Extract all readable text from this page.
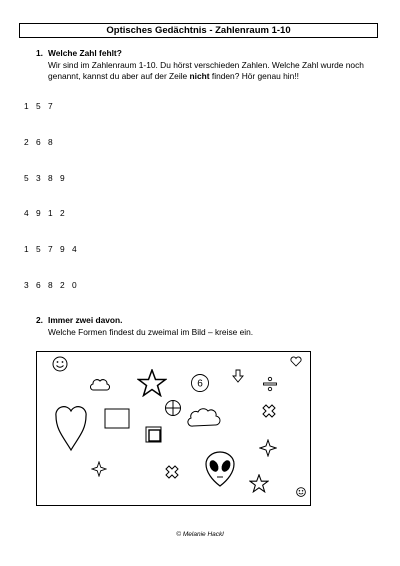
Optisches Gedächtnis - Zahlenraum 1-10
1. Welche Zahl fehlt?
Wir sind im Zahlenraum 1-10. Du hörst verschieden Zahlen. Welche Zahl wurde noch genannt, kannst du aber auf der Zeile nicht finden? Hör genau hin!!
1 5 7
2 6 8
5 3 8 9
4 9 1 2
1 5 7 9 4
3 6 8 2 0
2. Immer zwei davon.
Welche Formen findest du zweimal im Bild – kreise ein.
6
© Melanie Hackl
